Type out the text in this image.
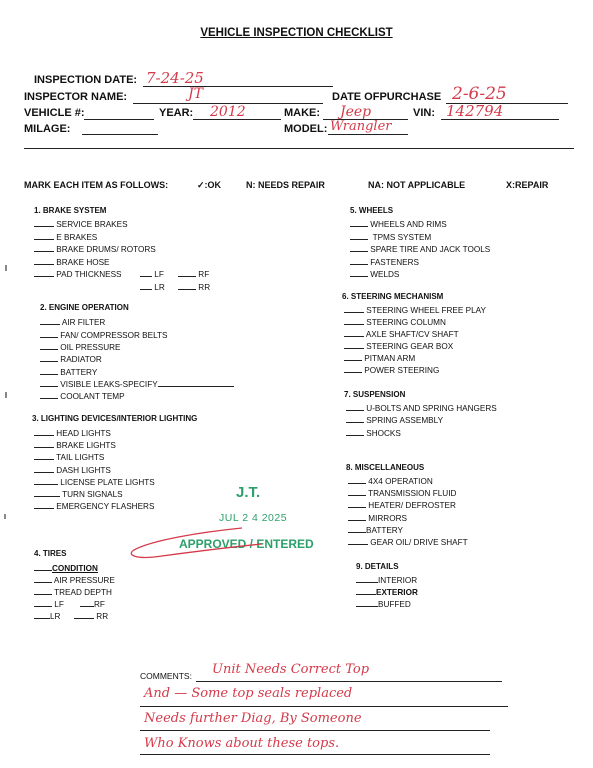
VEHICLE INSPECTION CHECKLIST
INSPECTION DATE: 7-24-25
INSPECTOR NAME:	JT	DATE OFPURCHASE 2-6-25
VEHICLE #:	YEAR: 2012	MAKE: Jeep	VIN: 142794
MILAGE:	MODEL: Wrangler
MARK EACH ITEM AS FOLLOWS:	✓:OK	N: NEEDS REPAIR	NA: NOT APPLICABLE	X:REPAIR
1. BRAKE SYSTEM
SERVICE BRAKES
E BRAKES
BRAKE DRUMS/ ROTORS
BRAKE HOSE
PAD THICKNESS	LF	RF
LR	RR
2. ENGINE OPERATION
AIR FILTER
FAN/ COMPRESSOR BELTS
OIL PRESSURE
RADIATOR
BATTERY
VISIBLE LEAKS-SPECIFY
COOLANT TEMP
3. LIGHTING DEVICES/INTERIOR LIGHTING
HEAD LIGHTS
BRAKE LIGHTS
TAIL LIGHTS
DASH LIGHTS
LICENSE PLATE LIGHTS
TURN SIGNALS
EMERGENCY FLASHERS
4. TIRES
CONDITION
AIR PRESSURE
TREAD DEPTH
LF	RF
LR	RR
5. WHEELS
WHEELS AND RIMS
TPMS SYSTEM
SPARE TIRE AND JACK TOOLS
FASTENERS
WELDS
6. STEERING MECHANISM
STEERING WHEEL FREE PLAY
STEERING COLUMN
AXLE SHAFT/CV SHAFT
STEERING GEAR BOX
PITMAN ARM
POWER STEERING
7. SUSPENSION
U-BOLTS AND SPRING HANGERS
SPRING ASSEMBLY
SHOCKS
8. MISCELLANEOUS
4X4 OPERATION
TRANSMISSION FLUID
HEATER/ DEFROSTER
MIRRORS
BATTERY
GEAR OIL/ DRIVE SHAFT
9. DETAILS
INTERIOR
EXTERIOR
BUFFED
J.T.
JUL 2 4 2025
APPROVED / ENTERED
COMMENTS: Unit Needs Correct Top
And — Some top seals replaced
Needs further Diag, By Someone
Who Knows about these tops.
